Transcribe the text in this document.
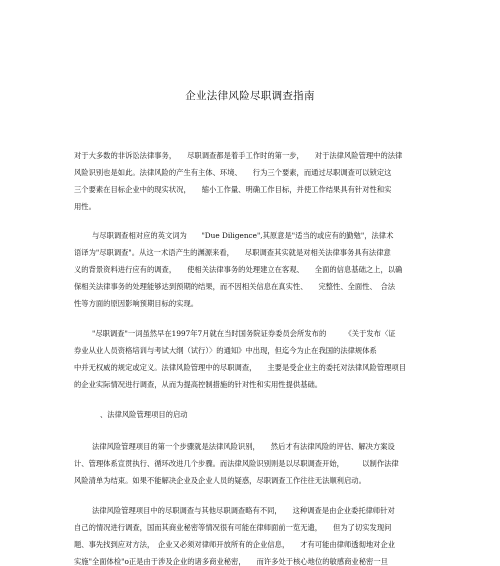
企业法律风险尽职调查指南
对于大多数的非诉讼法律事务，　　尽职调查都是着手工作时的第一步，　　对于法律风险管理中的法律
风险识别也是如此。法律风险的产生有主体、环境、　　行为三个要素，而通过尽职调查可以锁定这
三个要素在目标企业中的现实状况，　　缩小工作量、明确工作目标，并使工作结果具有针对性和实
用性。
与尽职调查相对应的英文词为　　"Due Diligence",其原意是"适当的或应有的勤勉"，法律术
语译为"尽职调查"。从这一术语产生的渊源来看，　　尽职调查其实就是对相关法律事务具有法律意
义的背景资料进行应有的调查，　　使相关法律事务的处理建立在客观、　　全面的信息基础之上，以确
保相关法律事务的处理能够达到预期的结果，而不因相关信息在真实性、　　完整性、全面性、　合法
性等方面的原因影响预期目标的实现。
"尽职调查"一词虽然早在1997年7月就在当时国务院证券委员会所发布的　　　《关于发布〈证
券业从业人员资格培训与考试大纲（试行）〉的通知》中出现，但迄今为止在我国的法律规体系
中并无权威的规定或定义。法律风险管理中的尽职调查，　　主要是受企业主的委托对法律风险管理项目
的企业实际情况进行调查，从而为提高控制措施的针对性和实用性提供基础。
、法律风险管理项目的启动
法律风险管理项目的第一个步骤就是法律风险识别，　　然后才有法律风险的评估、解决方案设
计、管理体系宣贯执行、循环改进几个步骤。而法律风险识别则是以尽职调查开始，　　　以制作法律
风险清单为结束。如果不能解决企业及企业人员的疑惑，尽职调查工作往往无法顺利启动。
法律风险管理项目中的尽职调查与其他尽职调查略有不同，　　这种调查是由企业委托律师针对
自己的情况进行调查，国而其商业秘密等情况很有可能在律师面前一览无遗，　　但为了切实发现问
题、事先找到应对方法，　企业又必须对律师开放所有的企业信息，　　才有可能由律师透彻地对企业
实施"全面体检"o正是由于涉及企业的诸多商业秘密，　　而许多处于核心地位的敏感商业秘密一旦
